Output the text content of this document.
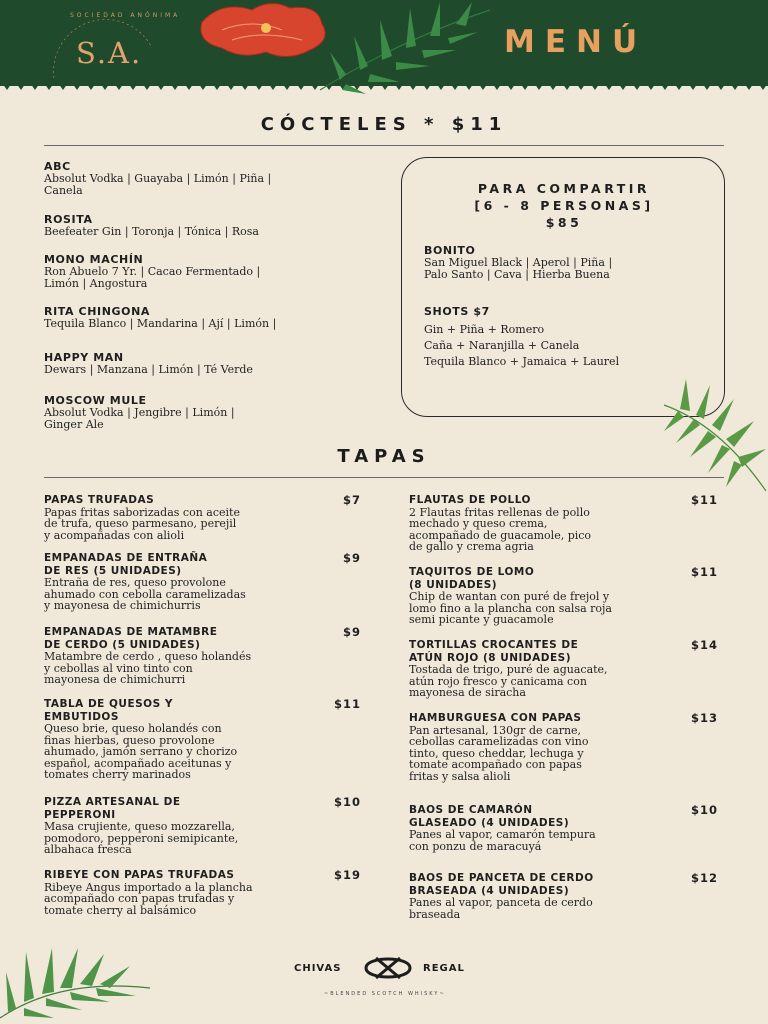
SOCIEDAD ANÓNIMA
S.A.	MENÚ
CÓCTELES * $11
ABC
Absolut Vodka | Guayaba | Limón | Piña |
Canela
ROSITA
Beefeater Gin | Toronja | Tónica | Rosa
MONO MACHÍN
Ron Abuelo 7 Yr. | Cacao Fermentado |
Limón | Angostura
RITA CHINGONA
Tequila Blanco | Mandarina | Ají | Limón |
HAPPY MAN
Dewars | Manzana | Limón | Té Verde
MOSCOW MULE
Absolut Vodka | Jengibre | Limón |
Ginger Ale
PARA COMPARTIR
[6 - 8 PERSONAS]
$85
BONITO
San Miguel Black | Aperol | Piña |
Palo Santo | Cava | Hierba Buena
SHOTS $7
Gin + Piña + Romero
Caña + Naranjilla + Canela
Tequila Blanco + Jamaica + Laurel
TAPAS
PAPAS TRUFADAS
Papas fritas saborizadas con aceite
de trufa, queso parmesano, perejil
y acompañadas con alioli
$7
EMPANADAS DE ENTRAÑA
DE RES (5 UNIDADES)
Entraña de res, queso provolone
ahumado con cebolla caramelizadas
y mayonesa de chimichurris
$9
EMPANADAS DE MATAMBRE
DE CERDO (5 UNIDADES)
Matambre de cerdo , queso holandés
y cebollas al vino tinto con
mayonesa de chimichurri
$9
TABLA DE QUESOS Y
EMBUTIDOS
Queso brie, queso holandés con
finas hierbas, queso provolone
ahumado, jamón serrano y chorizo
español, acompañado aceitunas y
tomates cherry marinados
$11
PIZZA ARTESANAL DE
PEPPERONI
Masa crujiente, queso mozzarella,
pomodoro, pepperoni semipicante,
albahaca fresca
$10
RIBEYE CON PAPAS TRUFADAS
Ribeye Angus importado a la plancha
acompañado con papas trufadas y
tomate cherry al balsámico
$19
FLAUTAS DE POLLO
2 Flautas fritas rellenas de pollo
mechado y queso crema,
acompañado de guacamole, pico
de gallo y crema agria
$11
TAQUITOS DE LOMO
(8 UNIDADES)
Chip de wantan con puré de frejol y
lomo fino a la plancha con salsa roja
semi picante y guacamole
$11
TORTILLAS CROCANTES DE
ATÚN ROJO (8 UNIDADES)
Tostada de trigo, puré de aguacate,
atún rojo fresco y canicama con
mayonesa de siracha
$14
HAMBURGUESA CON PAPAS
Pan artesanal, 130gr de carne,
cebollas caramelizadas con vino
tinto, queso cheddar, lechuga y
tomate acompañado con papas
fritas y salsa alioli
$13
BAOS DE CAMARÓN
GLASEADO (4 UNIDADES)
Panes al vapor, camarón tempura
con ponzu de maracuyá
$10
BAOS DE PANCETA DE CERDO
BRASEADA (4 UNIDADES)
Panes al vapor, panceta de cerdo
braseada
$12
CHIVAS	REGAL
~BLENDED SCOTCH WHISKY~
